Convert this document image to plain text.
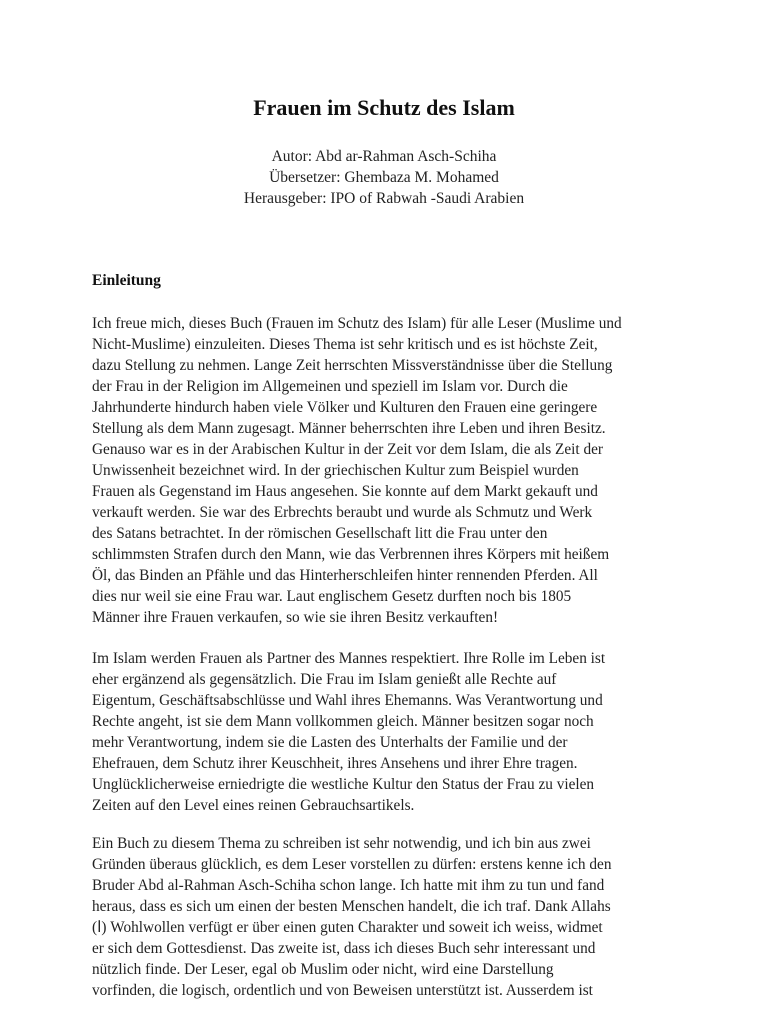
Frauen im Schutz des Islam
Autor: Abd ar-Rahman Asch-Schiha
Übersetzer: Ghembaza M. Mohamed
Herausgeber: IPO of Rabwah -Saudi Arabien
Einleitung
Ich freue mich, dieses Buch (Frauen im Schutz des Islam) für alle Leser (Muslime und
Nicht-Muslime) einzuleiten. Dieses Thema ist sehr kritisch und es ist höchste Zeit,
dazu Stellung zu nehmen. Lange Zeit herrschten Missverständnisse über die Stellung
der Frau in der Religion im Allgemeinen und speziell im Islam vor. Durch die
Jahrhunderte hindurch haben viele Völker und Kulturen den Frauen eine geringere
Stellung als dem Mann zugesagt. Männer beherrschten ihre Leben und ihren Besitz.
Genauso war es in der Arabischen Kultur in der Zeit vor dem Islam, die als Zeit der
Unwissenheit bezeichnet wird. In der griechischen Kultur zum Beispiel wurden
Frauen als Gegenstand im Haus angesehen. Sie konnte auf dem Markt gekauft und
verkauft werden. Sie war des Erbrechts beraubt und wurde als Schmutz und Werk
des Satans betrachtet. In der römischen Gesellschaft litt die Frau unter den
schlimmsten Strafen durch den Mann, wie das Verbrennen ihres Körpers mit heißem
Öl, das Binden an Pfähle und das Hinterherschleifen hinter rennenden Pferden. All
dies nur weil sie eine Frau war. Laut englischem Gesetz durften noch bis 1805
Männer ihre Frauen verkaufen, so wie sie ihren Besitz verkauften!
Im Islam werden Frauen als Partner des Mannes respektiert. Ihre Rolle im Leben ist
eher ergänzend als gegensätzlich. Die Frau im Islam genießt alle Rechte auf
Eigentum, Geschäftsabschlüsse und Wahl ihres Ehemanns. Was Verantwortung und
Rechte angeht, ist sie dem Mann vollkommen gleich. Männer besitzen sogar noch
mehr Verantwortung, indem sie die Lasten des Unterhalts der Familie und der
Ehefrauen, dem Schutz ihrer Keuschheit, ihres Ansehens und ihrer Ehre tragen.
Unglücklicherweise erniedrigte die westliche Kultur den Status der Frau zu vielen
Zeiten auf den Level eines reinen Gebrauchsartikels.
Ein Buch zu diesem Thema zu schreiben ist sehr notwendig, und ich bin aus zwei
Gründen überaus glücklich, es dem Leser vorstellen zu dürfen: erstens kenne ich den
Bruder Abd al-Rahman Asch-Schiha schon lange. Ich hatte mit ihm zu tun und fand
heraus, dass es sich um einen der besten Menschen handelt, die ich traf. Dank Allahs
(ا) Wohlwollen verfügt er über einen guten Charakter und soweit ich weiss, widmet
er sich dem Gottesdienst. Das zweite ist, dass ich dieses Buch sehr interessant und
nützlich finde. Der Leser, egal ob Muslim oder nicht, wird eine Darstellung
vorfinden, die logisch, ordentlich und von Beweisen unterstützt ist. Ausserdem ist
